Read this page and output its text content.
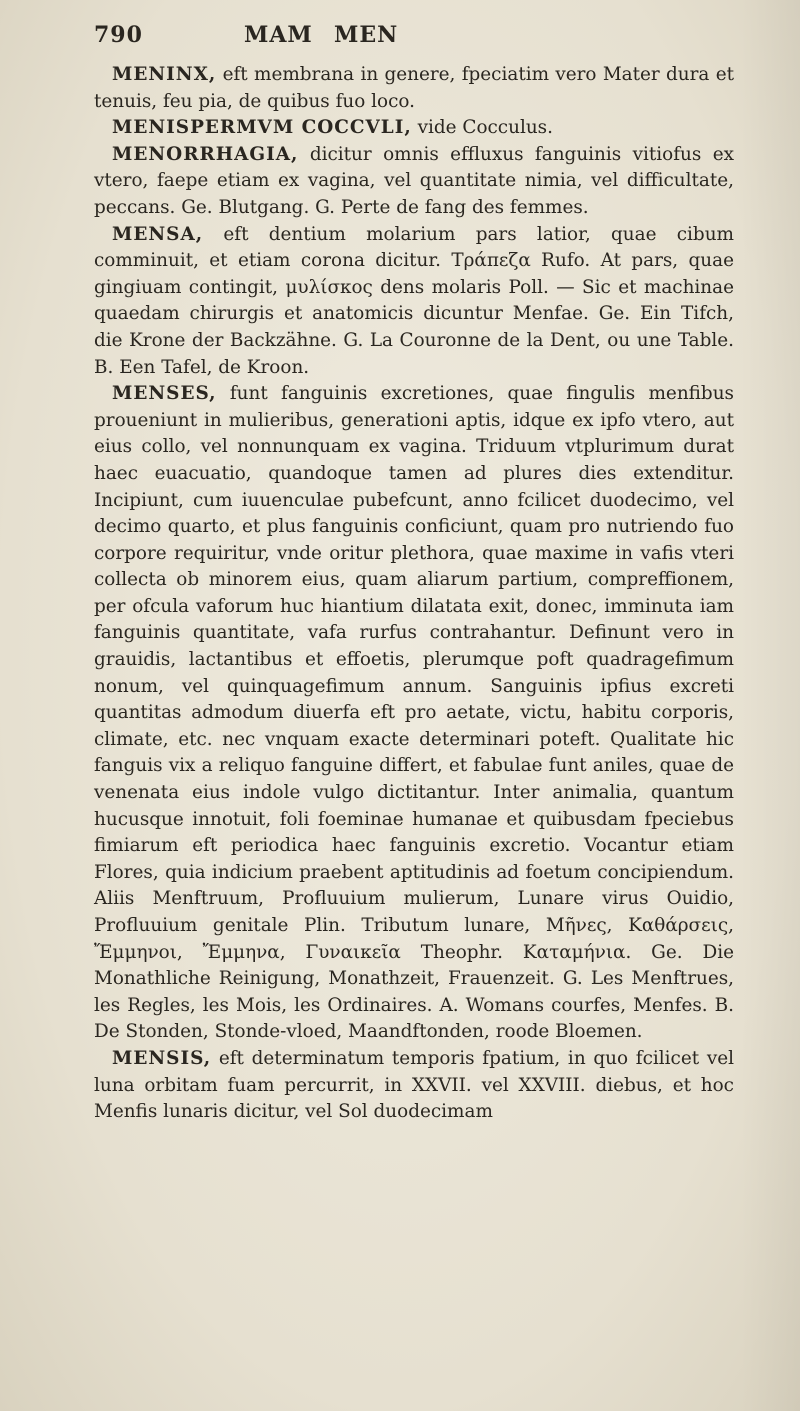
790	MAM MEN

MENINX, eft membrana in genere, fpeciatim vero Mater dura et tenuis, feu pia, de quibus fuo loco.

MENISPERMVM COCCVLI, vide Cocculus.

MENORRHAGIA, dicitur omnis effluxus fanguinis vitiofus ex vtero, faepe etiam ex vagina, vel quantitate nimia, vel difficultate, peccans. Ge. Blutgang. G. Perte de fang des femmes.

MENSA, eft dentium molarium pars latior, quae cibum comminuit, et etiam corona dicitur. Τράπεζα Rufo. At pars, quae gingiuam contingit, μυλίσκος dens molaris Poll. — Sic et machinae quaedam chirurgis et anatomicis dicuntur Menfae. Ge. Ein Tifch, die Krone der Backzähne. G. La Couronne de la Dent, ou une Table. B. Een Tafel, de Kroon.

MENSES, funt fanguinis excretiones, quae fingulis menfibus proueniunt in mulieribus, generationi aptis, idque ex ipfo vtero, aut eius collo, vel nonnunquam ex vagina. Triduum vtplurimum durat haec euacuatio, quandoque tamen ad plures dies extenditur. Incipiunt, cum iuuenculae pubefcunt, anno fcilicet duodecimo, vel decimo quarto, et plus fanguinis conficiunt, quam pro nutriendo fuo corpore requiritur, vnde oritur plethora, quae maxime in vafis vteri collecta ob minorem eius, quam aliarum partium, compreffionem, per ofcula vaforum huc hiantium dilatata exit, donec, imminuta iam fanguinis quantitate, vafa rurfus contrahantur. Definunt vero in grauidis, lactantibus et effoetis, plerumque poft quadragefimum nonum, vel quinquagefimum annum. Sanguinis ipfius excreti quantitas admodum diuerfa eft pro aetate, victu, habitu corporis, climate, etc. nec vnquam exacte determinari poteft. Qualitate hic fanguis vix a reliquo fanguine differt, et fabulae funt aniles, quae de venenata eius indole vulgo dictitantur. Inter animalia, quantum hucusque innotuit, foli foeminae humanae et quibusdam fpeciebus fimiarum eft periodica haec fanguinis excretio. Vocantur etiam Flores, quia indicium praebent aptitudinis ad foetum concipiendum. Aliis Menftruum, Profluuium mulierum, Lunare virus Ouidio, Profluuium genitale Plin. Tributum lunare, Μῆνες, Καθάρσεις, Ἔμμηνοι, Ἔμμηνα, Γυναικεῖα Theophr. Καταμήνια. Ge. Die Monathliche Reinigung, Monathzeit, Frauenzeit. G. Les Menftrues, les Regles, les Mois, les Ordinaires. A. Womans courfes, Menfes. B. De Stonden, Stonde-vloed, Maandftonden, roode Bloemen.

MENSIS, eft determinatum temporis fpatium, in quo fcilicet vel luna orbitam fuam percurrit, in XXVII. vel XXVIII. diebus, et hoc Menfis lunaris dicitur, vel Sol duodecimam
